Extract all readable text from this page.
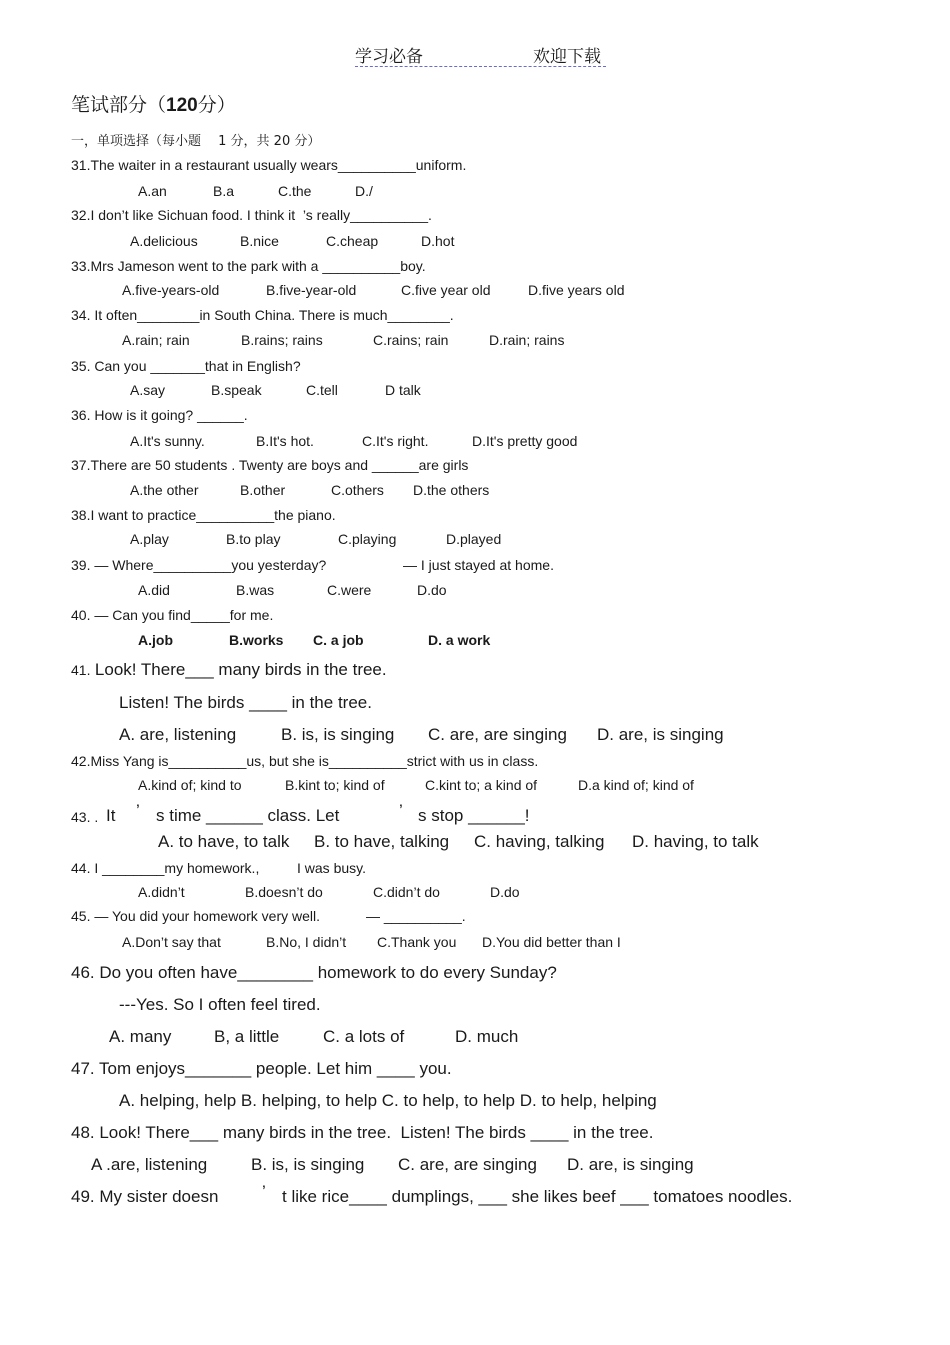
学习必备	欢迎下载
笔试部分（120分）
一，单项选择（每小题　 1 分，共 20 分）
31.The waiter in a restaurant usually wears__________uniform.
A.an	B.a	C.the	D./
32.I don’t like Sichuan food. I think it  ’s really__________.
A.delicious	B.nice	C.cheap	D.hot
33.Mrs Jameson went to the park with a __________boy.
A.five-years-old	B.five-year-old	C.five year old	D.five years old
34. It often________in South China. There is much________.
A.rain; rain	B.rains; rains	C.rains; rain	D.rain; rains
35. Can you _______that in English?
A.say	B.speak	C.tell	D talk
36. How is it going? ______.
A.It's sunny.	B.It's hot.	C.It's right.	D.It's pretty good
37.There are 50 students . Twenty are boys and ______are girls
A.the other	B.other	C.others D.the others
38.I want to practice__________the piano.
A.play	B.to play	C.playing	D.played
39. — Where__________you yesterday?	— I just stayed at home.
A.did	B.was	C.were	D.do
40. — Can you find_____for me.
A.job	B.works C. a job	D. a work
41. Look! There___ many birds in the tree.
Listen! The birds ____ in the tree.
A. are, listening	B. is, is singing C. are, are singing D. are, is singing
42.Miss Yang is__________us, but she is__________strict with us in class.
A.kind of; kind to	B.kint to; kind of	C.kint to; a kind of	D.a kind of; kind of
43. . It ’ s time ______ class. Let	’ s stop ______!
A. to have, to talk B. to have, talking C. having, talking D. having, to talk
44. I ________my homework.,	I was busy.
A.didn’t	B.doesn’t do	C.didn’t do	D.do
45. — You did your homework very well.	— __________.
A.Don’t say that	B.No, I didn’t C.Thank you D.You did better than I
46. Do you often have________ homework to do every Sunday?
---Yes. So I often feel tired.
A. many	B, a little	C. a lots of	D. much
47. Tom enjoys_______ people. Let him ____ you.
A. helping, help B. helping, to help C. to help, to help D. to help, helping
48. Look! There___ many birds in the tree.  Listen! The birds ____ in the tree.
A .are, listening	B. is, is singing C. are, are singing D. are, is singing
49. My sister doesn	’ t like rice____ dumplings, ___ she likes beef ___ tomatoes noodles.
